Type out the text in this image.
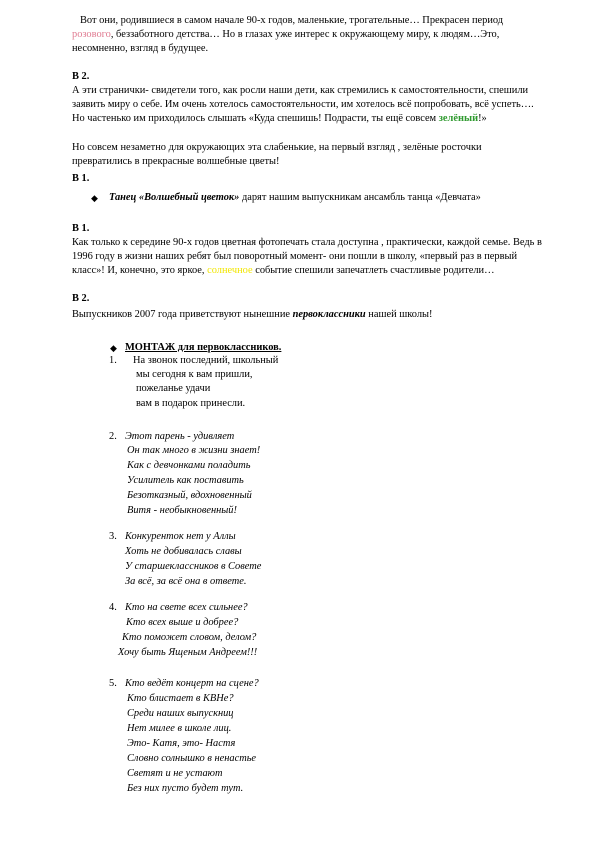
Вот они, родившиеся в самом начале 90-х годов, маленькие, трогательные… Прекрасен период розового, беззаботного детства… Но в глазах уже интерес к окружающему миру, к людям…Это, несомненно, взгляд в будущее.

В 2.

А эти странички- свидетели того, как росли наши дети, как стремились к самостоятельности, спешили заявить миру о себе. Им очень хотелось самостоятельности, им хотелось всё попробовать, всё успеть…. Но частенько им приходилось слышать «Куда спешишь! Подрасти, ты ещё совсем зелёный!»

Но совсем незаметно для окружающих эта слабенькие, на первый взгляд , зелёные росточки превратились в прекрасные волшебные цветы!

В 1.

◆ Танец «Волшебный цветок» дарят нашим выпускникам ансамбль танца «Девчата»

В 1.

Как только к середине 90-х годов цветная фотопечать стала доступна , практически, каждой семье. Ведь в 1996 году в жизни наших ребят был поворотный момент- они пошли в школу, «первый раз в первый класс»! И, конечно, это яркое, солнечное событие спешили запечатлеть счастливые родители…

В 2.

Выпускников 2007 года приветствуют нынешние первоклассники нашей школы!

◆ МОНТАЖ для первоклассников.

1. На звонок последний, школьный
мы сегодня к вам пришли,
пожеланье удачи
вам в подарок принесли.
2. Этот парень - удивляет
Он так много в жизни знает!
Как с девчонками поладить
Усилитель как поставить
Безотказный, вдохновенный
Витя - необыкновенный!
3. Конкуренток нет у Аллы
Хоть не добивалась славы
У старшеклассников в Совете
За всё, за всё она в ответе.
4. Кто на свете всех сильнее?
Кто всех выше и добрее?
Кто поможет словом, делом?
Хочу быть Ященым Андреем!!!
5. Кто ведёт концерт на сцене?
Кто блистает в КВНе?
Среди наших выпускниц
Нет милее в школе лиц.
Это- Катя, это- Настя
Словно солнышко в ненастье
Светят и не устают
Без них пусто будет тут.
